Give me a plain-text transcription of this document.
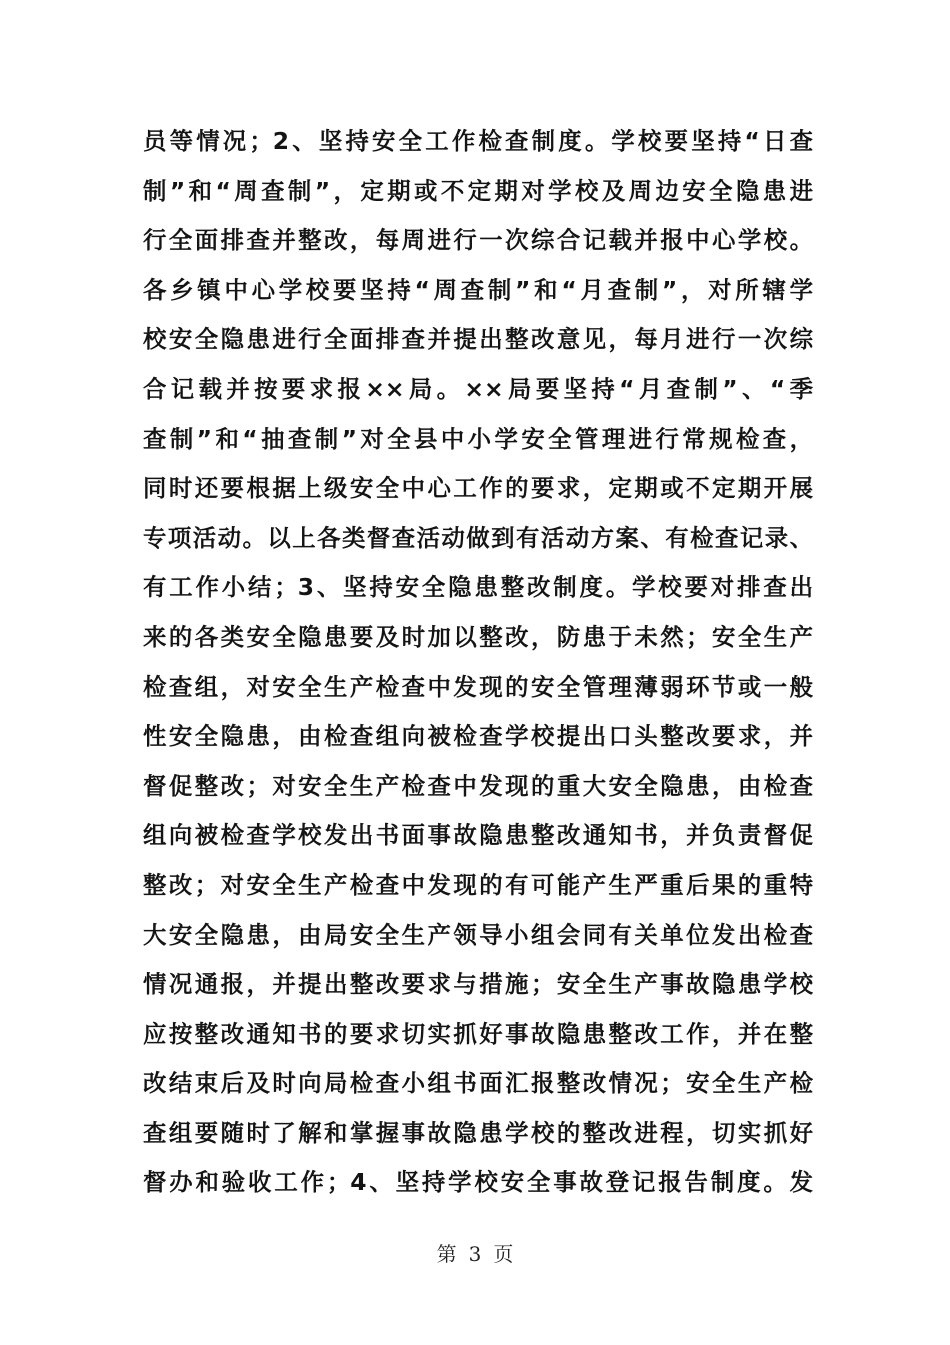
员等情况；2、坚持安全工作检查制度。学校要坚持“日查
制”和“周查制”，定期或不定期对学校及周边安全隐患进
行全面排查并整改，每周进行一次综合记载并报中心学校。
各乡镇中心学校要坚持“周查制”和“月查制”，对所辖学
校安全隐患进行全面排查并提出整改意见，每月进行一次综
合记载并按要求报××局。××局要坚持“月查制”、“季
查制”和“抽查制”对全县中小学安全管理进行常规检查，
同时还要根据上级安全中心工作的要求，定期或不定期开展
专项活动。以上各类督查活动做到有活动方案、有检查记录、
有工作小结；3、坚持安全隐患整改制度。学校要对排查出
来的各类安全隐患要及时加以整改，防患于未然；安全生产
检查组，对安全生产检查中发现的安全管理薄弱环节或一般
性安全隐患，由检查组向被检查学校提出口头整改要求，并
督促整改；对安全生产检查中发现的重大安全隐患，由检查
组向被检查学校发出书面事故隐患整改通知书，并负责督促
整改；对安全生产检查中发现的有可能产生严重后果的重特
大安全隐患，由局安全生产领导小组会同有关单位发出检查
情况通报，并提出整改要求与措施；安全生产事故隐患学校
应按整改通知书的要求切实抓好事故隐患整改工作，并在整
改结束后及时向局检查小组书面汇报整改情况；安全生产检
查组要随时了解和掌握事故隐患学校的整改进程，切实抓好
督办和验收工作；4、坚持学校安全事故登记报告制度。发
第 3 页
